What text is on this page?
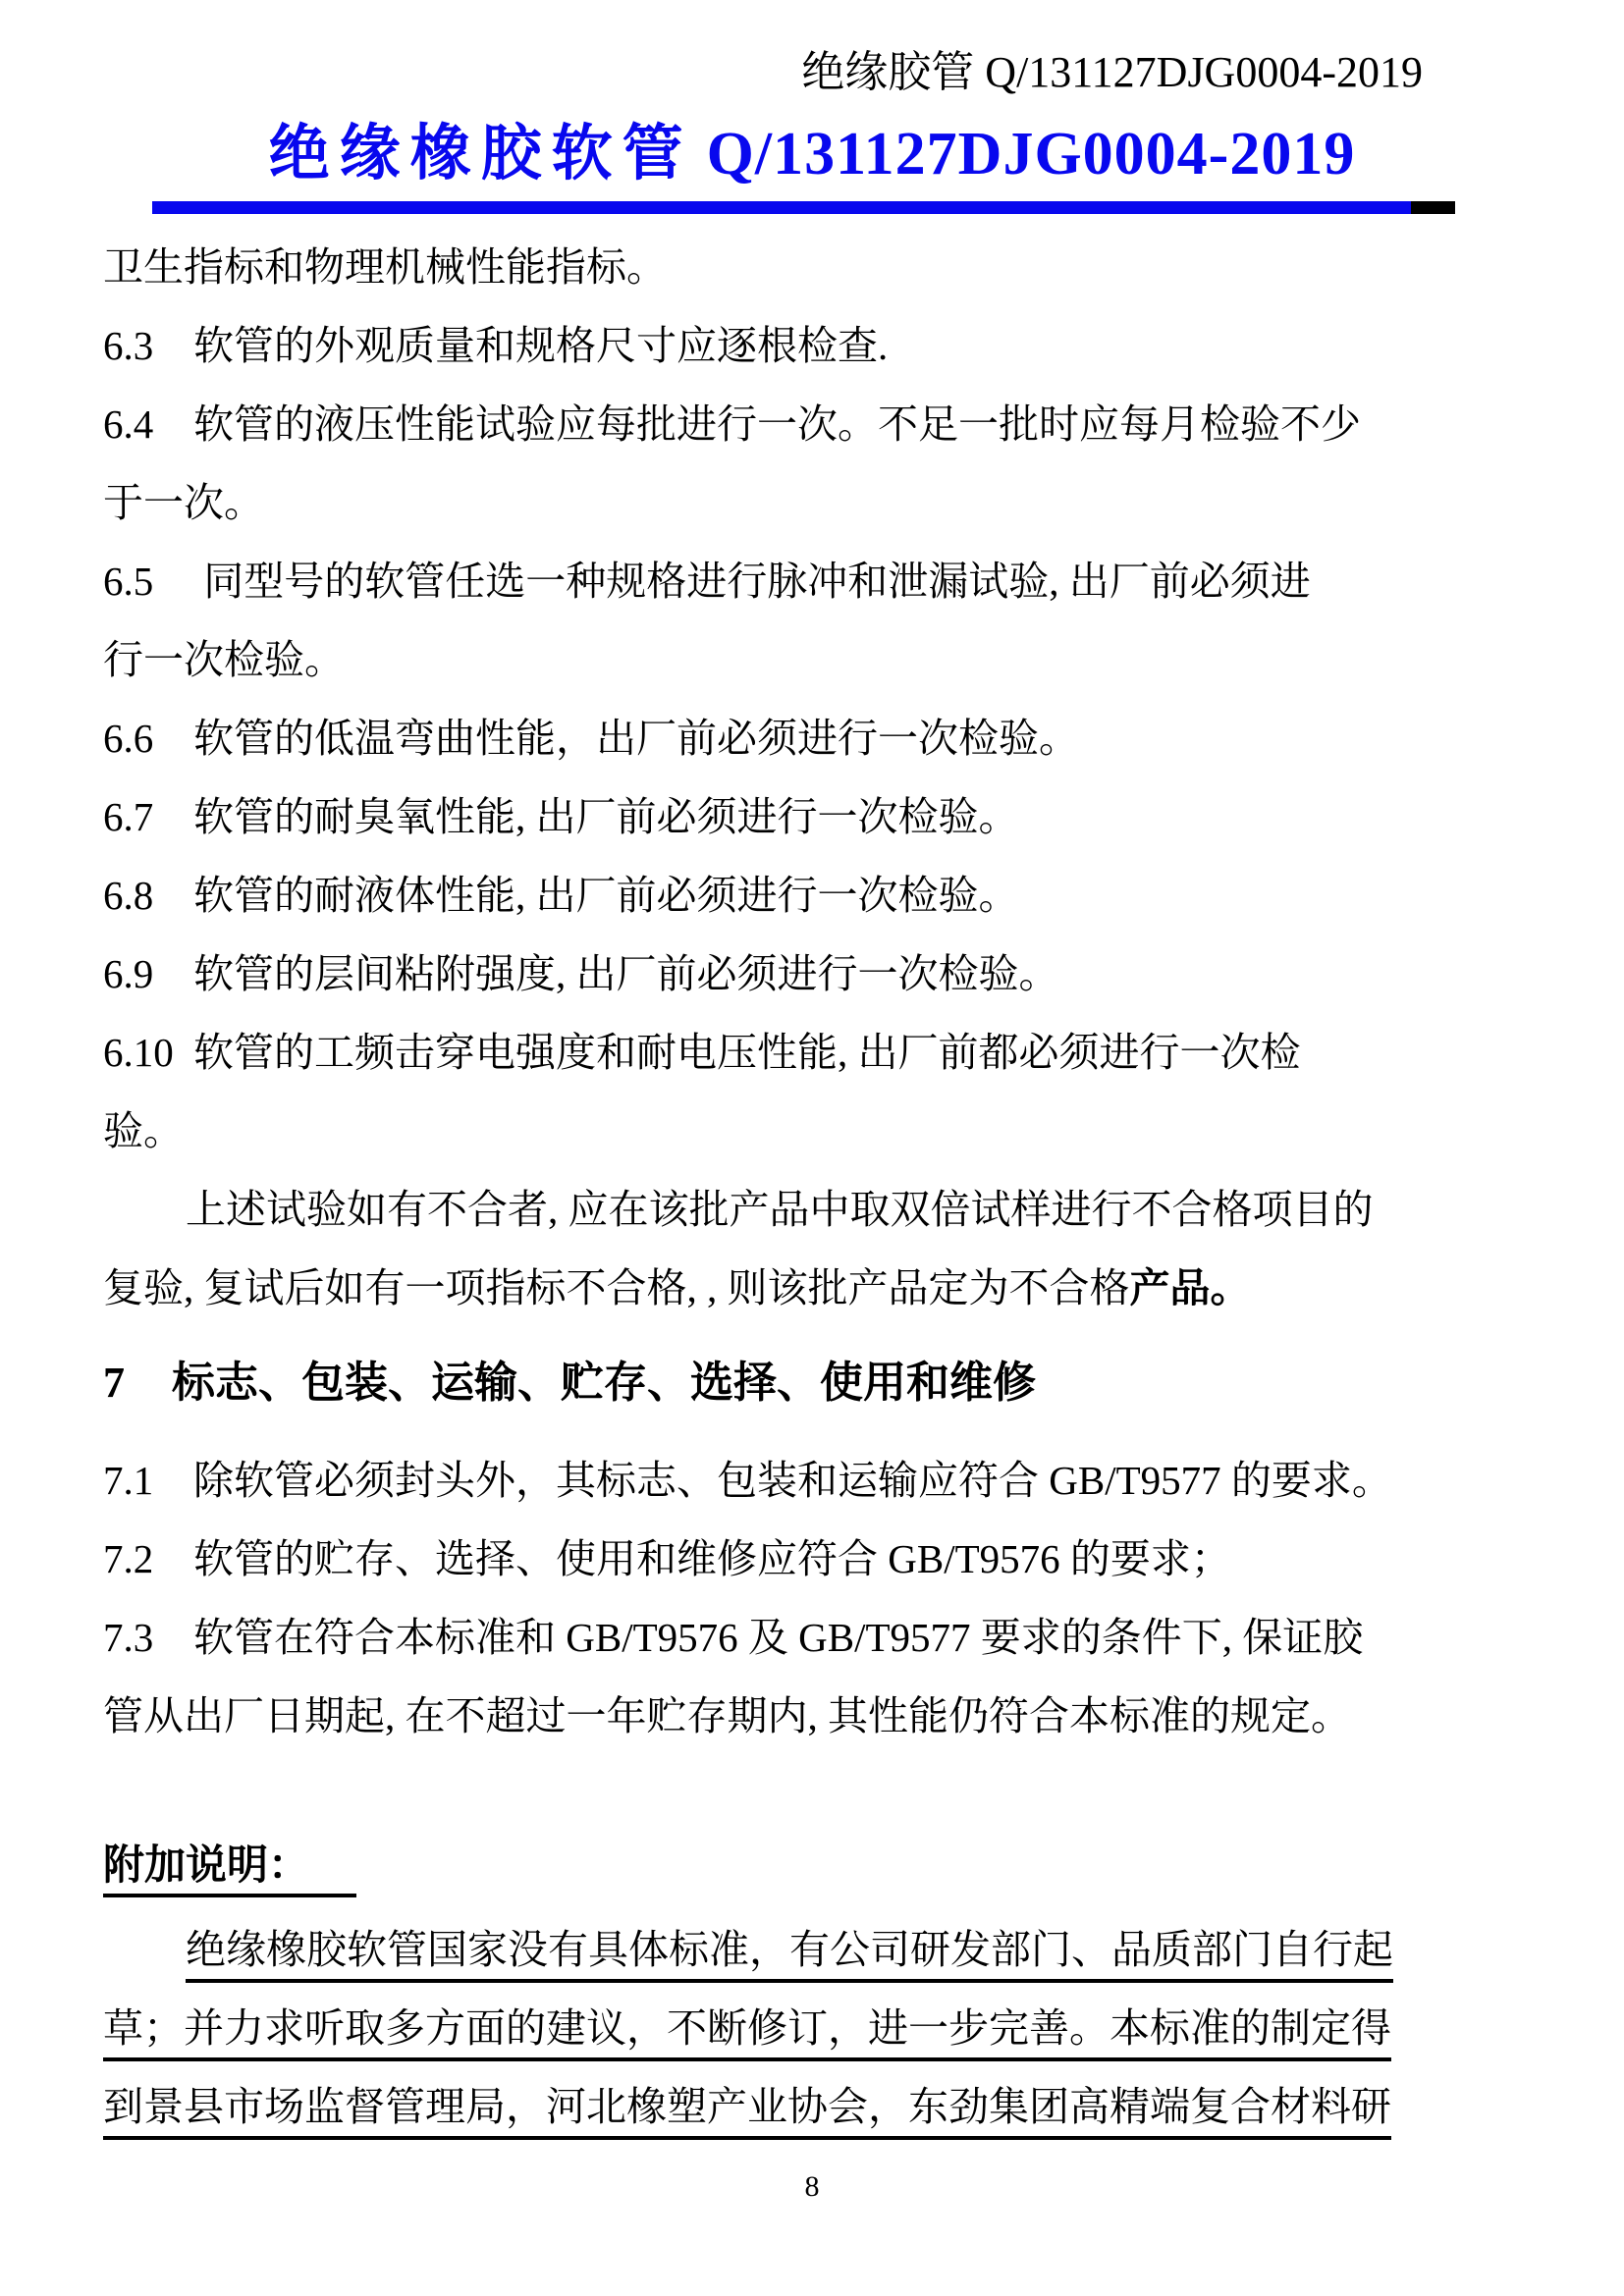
绝缘胶管 Q/131127DJG0004-2019
绝缘橡胶软管 Q/131127DJG0004-2019
卫生指标和物理机械性能指标。
6.3 软管的外观质量和规格尺寸应逐根检查.
6.4 软管的液压性能试验应每批进行一次。不足一批时应每月检验不少
于一次。
6.5 同型号的软管任选一种规格进行脉冲和泄漏试验, 出厂前必须进
行一次检验。
6.6 软管的低温弯曲性能，出厂前必须进行一次检验。
6.7 软管的耐臭氧性能, 出厂前必须进行一次检验。
6.8 软管的耐液体性能, 出厂前必须进行一次检验。
6.9 软管的层间粘附强度, 出厂前必须进行一次检验。
6.10 软管的工频击穿电强度和耐电压性能, 出厂前都必须进行一次检
验。
上述试验如有不合者, 应在该批产品中取双倍试样进行不合格项目的
复验, 复试后如有一项指标不合格, , 则该批产品定为不合格产品。
7 标志、包装、运输、贮存、选择、使用和维修
7.1 除软管必须封头外，其标志、包装和运输应符合 GB/T9577 的要求。
7.2 软管的贮存、选择、使用和维修应符合 GB/T9576 的要求；
7.3 软管在符合本标准和 GB/T9576 及 GB/T9577 要求的条件下, 保证胶
管从出厂日期起, 在不超过一年贮存期内, 其性能仍符合本标准的规定。
附加说明：
绝缘橡胶软管国家没有具体标准，有公司研发部门、品质部门自行起
草；并力求听取多方面的建议，不断修订，进一步完善。本标准的制定得
到景县市场监督管理局，河北橡塑产业协会，东劲集团高精端复合材料研
8
